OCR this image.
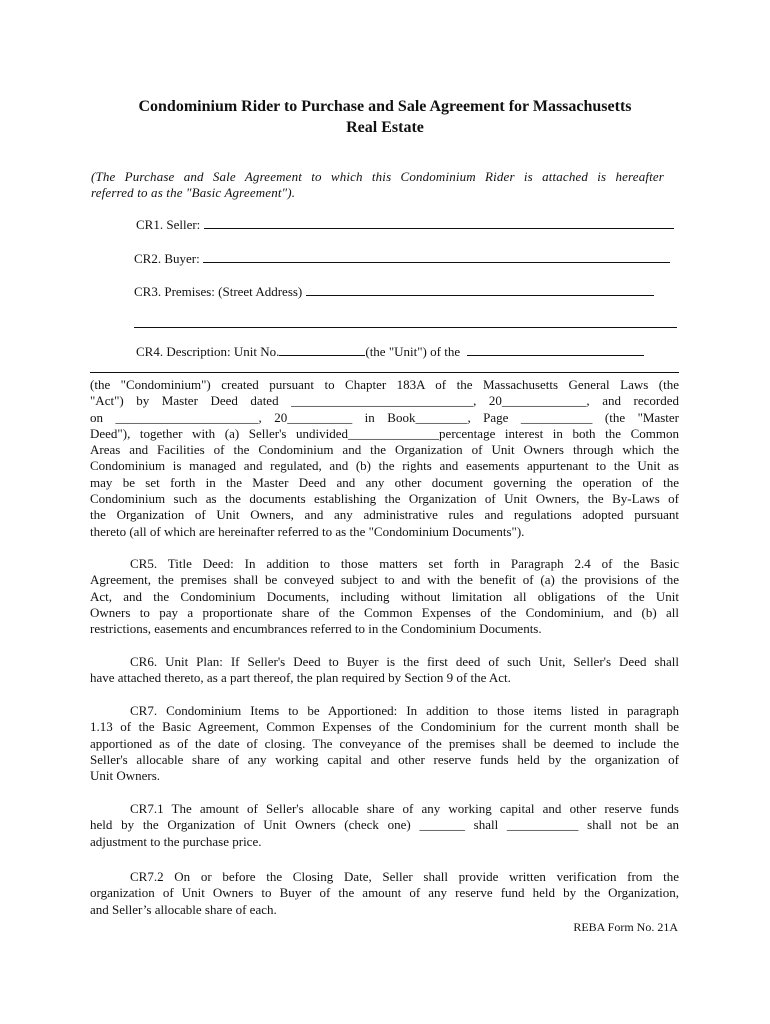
Condominium Rider to Purchase and Sale Agreement for Massachusetts
Real Estate
(The Purchase and Sale Agreement to which this Condominium Rider is attached is hereafter
referred to as the "Basic Agreement").
CR1. Seller:
CR2. Buyer:
CR3. Premises: (Street Address)
CR4. Description: Unit No.	(the "Unit") of the
(the "Condominium") created pursuant to Chapter 183A of the Massachusetts General Laws (the
"Act") by Master Deed dated ____________________________, 20_____________, and recorded
on ______________________, 20__________ in Book________, Page ___________ (the "Master
Deed"), together with (a) Seller's undivided______________percentage interest in both the Common
Areas and Facilities of the Condominium and the Organization of Unit Owners through which the
Condominium is managed and regulated, and (b) the rights and easements appurtenant to the Unit as
may be set forth in the Master Deed and any other document governing the operation of the
Condominium such as the documents establishing the Organization of Unit Owners, the By-Laws of
the Organization of Unit Owners, and any administrative rules and regulations adopted pursuant
thereto (all of which are hereinafter referred to as the "Condominium Documents").
CR5. Title Deed: In addition to those matters set forth in Paragraph 2.4 of the Basic
Agreement, the premises shall be conveyed subject to and with the benefit of (a) the provisions of the
Act, and the Condominium Documents, including without limitation all obligations of the Unit
Owners to pay a proportionate share of the Common Expenses of the Condominium, and (b) all
restrictions, easements and encumbrances referred to in the Condominium Documents.
CR6. Unit Plan: If Seller's Deed to Buyer is the first deed of such Unit, Seller's Deed shall
have attached thereto, as a part thereof, the plan required by Section 9 of the Act.
CR7. Condominium Items to be Apportioned: In addition to those items listed in paragraph
1.13 of the Basic Agreement, Common Expenses of the Condominium for the current month shall be
apportioned as of the date of closing. The conveyance of the premises shall be deemed to include the
Seller's allocable share of any working capital and other reserve funds held by the organization of
Unit Owners.
CR7.1 The amount of Seller's allocable share of any working capital and other reserve funds
held by the Organization of Unit Owners (check one) _______ shall ___________ shall not be an
adjustment to the purchase price.
CR7.2 On or before the Closing Date, Seller shall provide written verification from the
organization of Unit Owners to Buyer of the amount of any reserve fund held by the Organization,
and Seller’s allocable share of each.
REBA Form No. 21A
